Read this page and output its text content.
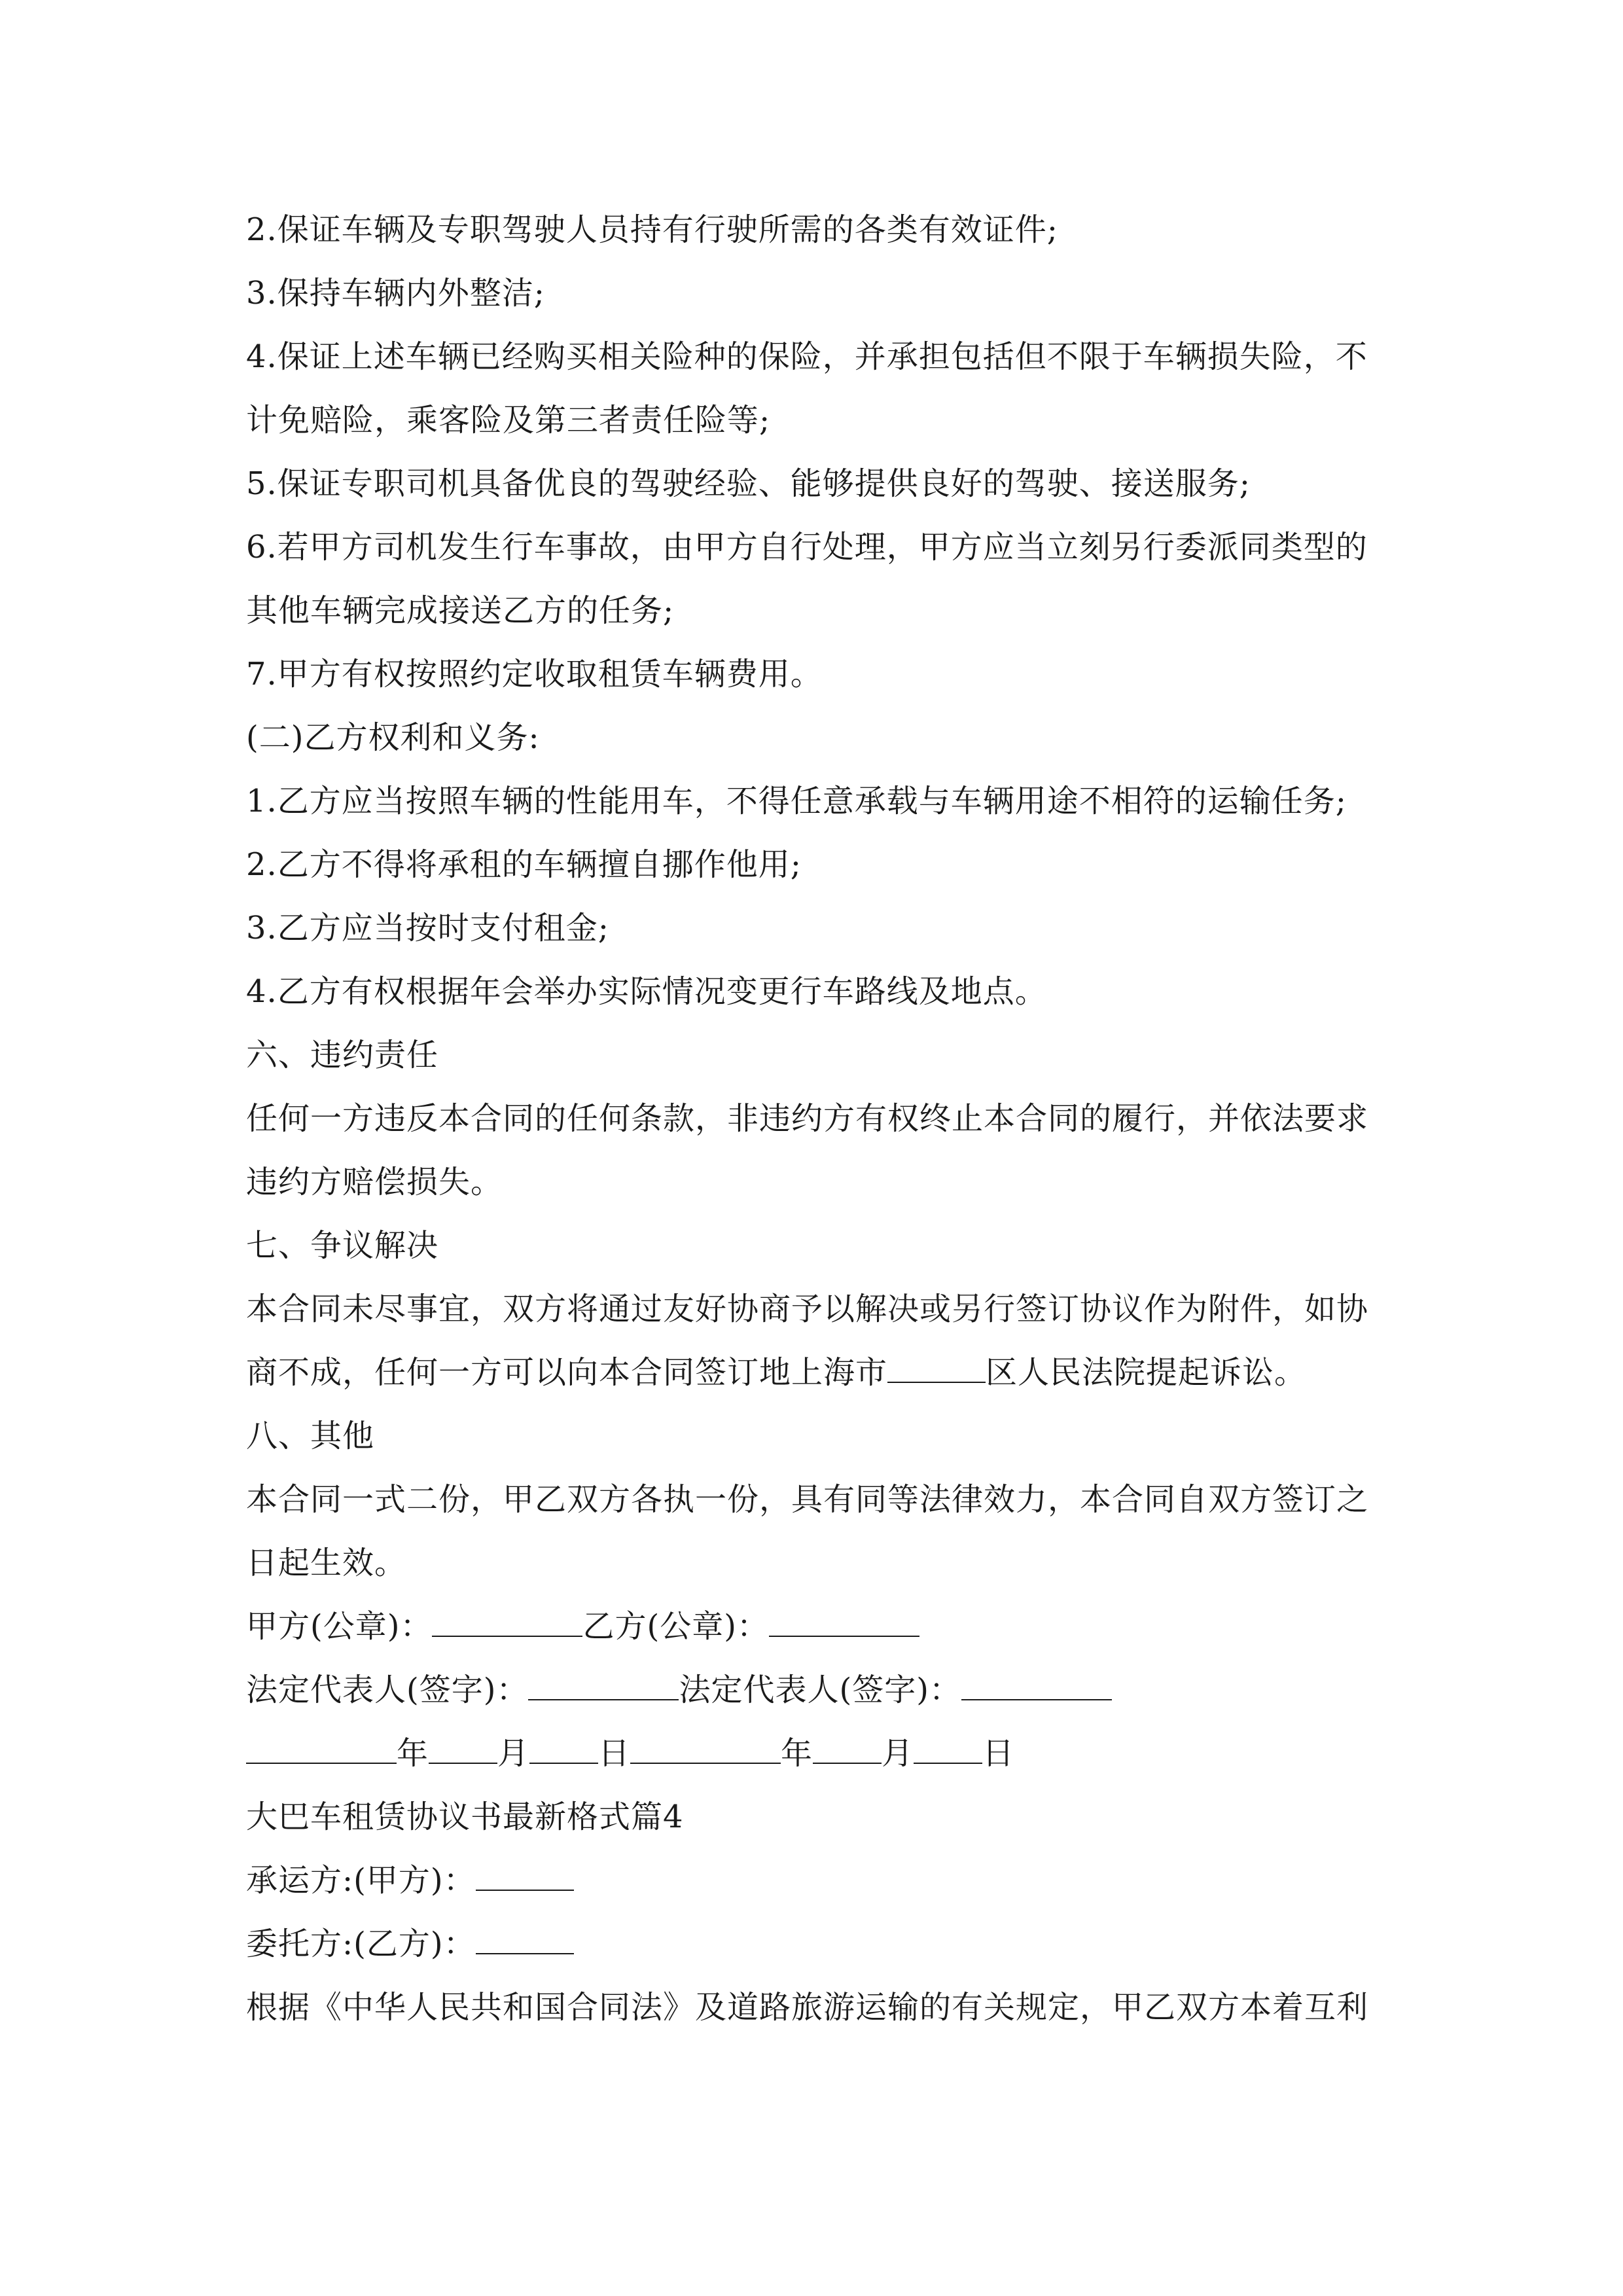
2.保证车辆及专职驾驶人员持有行驶所需的各类有效证件;
3.保持车辆内外整洁;
4.保证上述车辆已经购买相关险种的保险，并承担包括但不限于车辆损失险，不
计免赔险，乘客险及第三者责任险等;
5.保证专职司机具备优良的驾驶经验、能够提供良好的驾驶、接送服务;
6.若甲方司机发生行车事故，由甲方自行处理，甲方应当立刻另行委派同类型的
其他车辆完成接送乙方的任务;
7.甲方有权按照约定收取租赁车辆费用。
(二)乙方权利和义务:
1.乙方应当按照车辆的性能用车，不得任意承载与车辆用途不相符的运输任务;
2.乙方不得将承租的车辆擅自挪作他用;
3.乙方应当按时支付租金;
4.乙方有权根据年会举办实际情况变更行车路线及地点。
六、违约责任
任何一方违反本合同的任何条款，非违约方有权终止本合同的履行，并依法要求
违约方赔偿损失。
七、争议解决
本合同未尽事宜，双方将通过友好协商予以解决或另行签订协议作为附件，如协
商不成，任何一方可以向本合同签订地上海市	区人民法院提起诉讼。
八、其他
本合同一式二份，甲乙双方各执一份，具有同等法律效力，本合同自双方签订之
日起生效。
甲方(公章)：	乙方(公章)：
法定代表人(签字)：	法定代表人(签字)：
年 月 日	年 月 日
大巴车租赁协议书最新格式篇4
承运方:(甲方)：
委托方:(乙方)：
根据《中华人民共和国合同法》及道路旅游运输的有关规定，甲乙双方本着互利
